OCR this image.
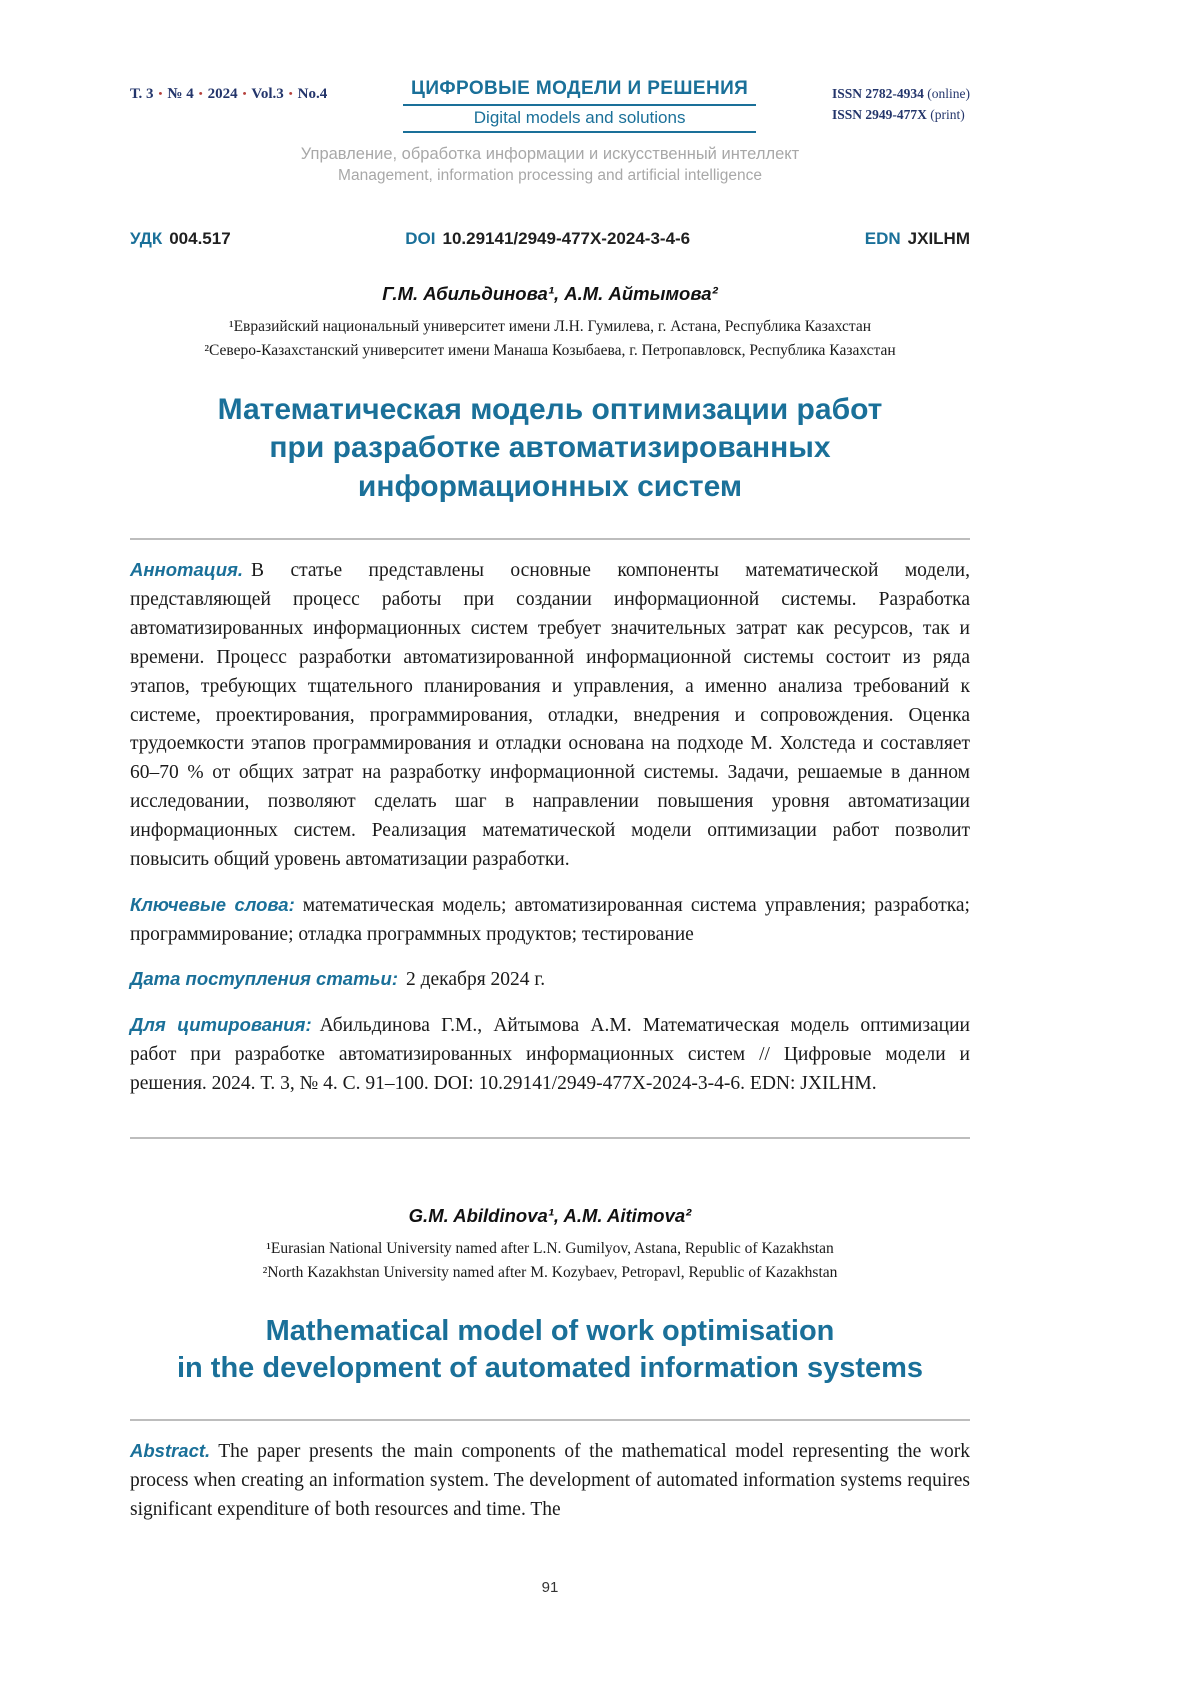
Т. 3 • № 4 • 2024 • Vol.3 • No.4	ЦИФРОВЫЕ МОДЕЛИ И РЕШЕНИЯ
Digital models and solutions
ISSN 2782-4934 (online)
ISSN 2949-477X (print)
Управление, обработка информации и искусственный интеллект
Management, information processing and artificial intelligence
УДК 004.517	DOI 10.29141/2949-477X-2024-3-4-6	EDN JXILHM
Г.М. Абильдинова¹, А.М. Айтымова²
¹Евразийский национальный университет имени Л.Н. Гумилева, г. Астана, Республика Казахстан
²Северо-Казахстанский университет имени Манаша Козыбаева, г. Петропавловск, Республика Казахстан
Математическая модель оптимизации работ
при разработке автоматизированных
информационных систем

Аннотация. В статье представлены основные компоненты математической модели, представляющей процесс работы при создании информационной системы. Разработка автоматизированных информационных систем требует значительных затрат как ресурсов, так и времени. Процесс разработки автоматизированной информационной системы состоит из ряда этапов, требующих тщательного планирования и управления, а именно анализа требований к системе, проектирования, программирования, отладки, внедрения и сопровождения. Оценка трудоемкости этапов программирования и отладки основана на подходе М. Холстеда и составляет 60–70 % от общих затрат на разработку информационной системы. Задачи, решаемые в данном исследовании, позволяют сделать шаг в направлении повышения уровня автоматизации информационных систем. Реализация математической модели оптимизации работ позволит повысить общий уровень автоматизации разработки.

Ключевые слова: математическая модель; автоматизированная система управления; разработка; программирование; отладка программных продуктов; тестирование

Дата поступления статьи: 2 декабря 2024 г.

Для цитирования: Абильдинова Г.М., Айтымова А.М. Математическая модель оптимизации работ при разработке автоматизированных информационных систем // Цифровые модели и решения. 2024. Т. 3, № 4. С. 91–100. DOI: 10.29141/2949-477X-2024-3-4-6. EDN: JXILHM.

G.M. Abildinova¹, A.M. Aitimova²
¹Eurasian National University named after L.N. Gumilyov, Astana, Republic of Kazakhstan
²North Kazakhstan University named after M. Kozybaev, Petropavl, Republic of Kazakhstan
Mathematical model of work optimisation
in the development of automated information systems

Abstract. The paper presents the main components of the mathematical model representing the work process when creating an information system. The development of automated information systems requires significant expenditure of both resources and time. The

91
